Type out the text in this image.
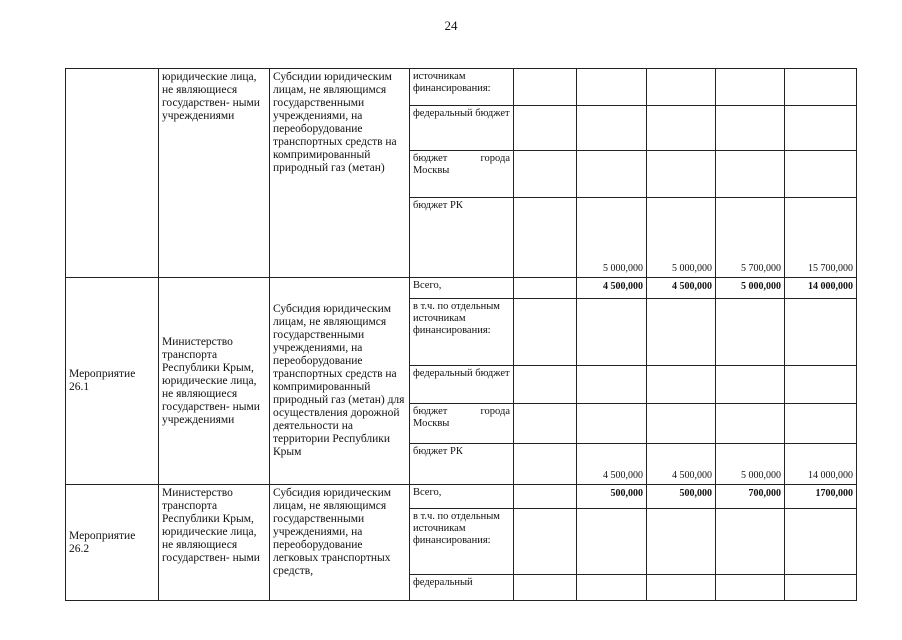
24
	юридические лица, не являющиеся государствен- ными учреждениями	Субсидии юридическим лицам, не являющимся государственными учреждениями, на переоборудование транспортных средств на компримированный природный газ (метан)	источникам финансирования:					
			федеральный бюджет					

			бюджет города
Москвы					

			бюджет РК		5 000,000	5 000,000	5 700,000	15 700,000
Мероприятие 26.1	Министерство транспорта Республики Крым, юридические лица, не являющиеся государствен- ными учреждениями	Субсидия юридическим лицам, не являющимся государственными учреждениями, на переоборудование транспортных средств на компримированный природный газ (метан) для осуществления дорожной деятельности на территории Республики Крым	Всего,		4 500,000	4 500,000	5 000,000	14 000,000
			в т.ч. по отдельным источникам финансирования:					
			федеральный бюджет					

			бюджет города
Москвы					

			бюджет РК		4 500,000	4 500,000	5 000,000	14 000,000
Мероприятие 26.2	Министерство транспорта Республики Крым, юридические лица, не являющиеся государствен- ными	Субсидия юридическим лицам, не являющимся государственными учреждениями, на переоборудование легковых транспортных средств,	Всего,		500,000	500,000	700,000	1700,000
			в т.ч. по отдельным источникам финансирования:					
			федеральный					
